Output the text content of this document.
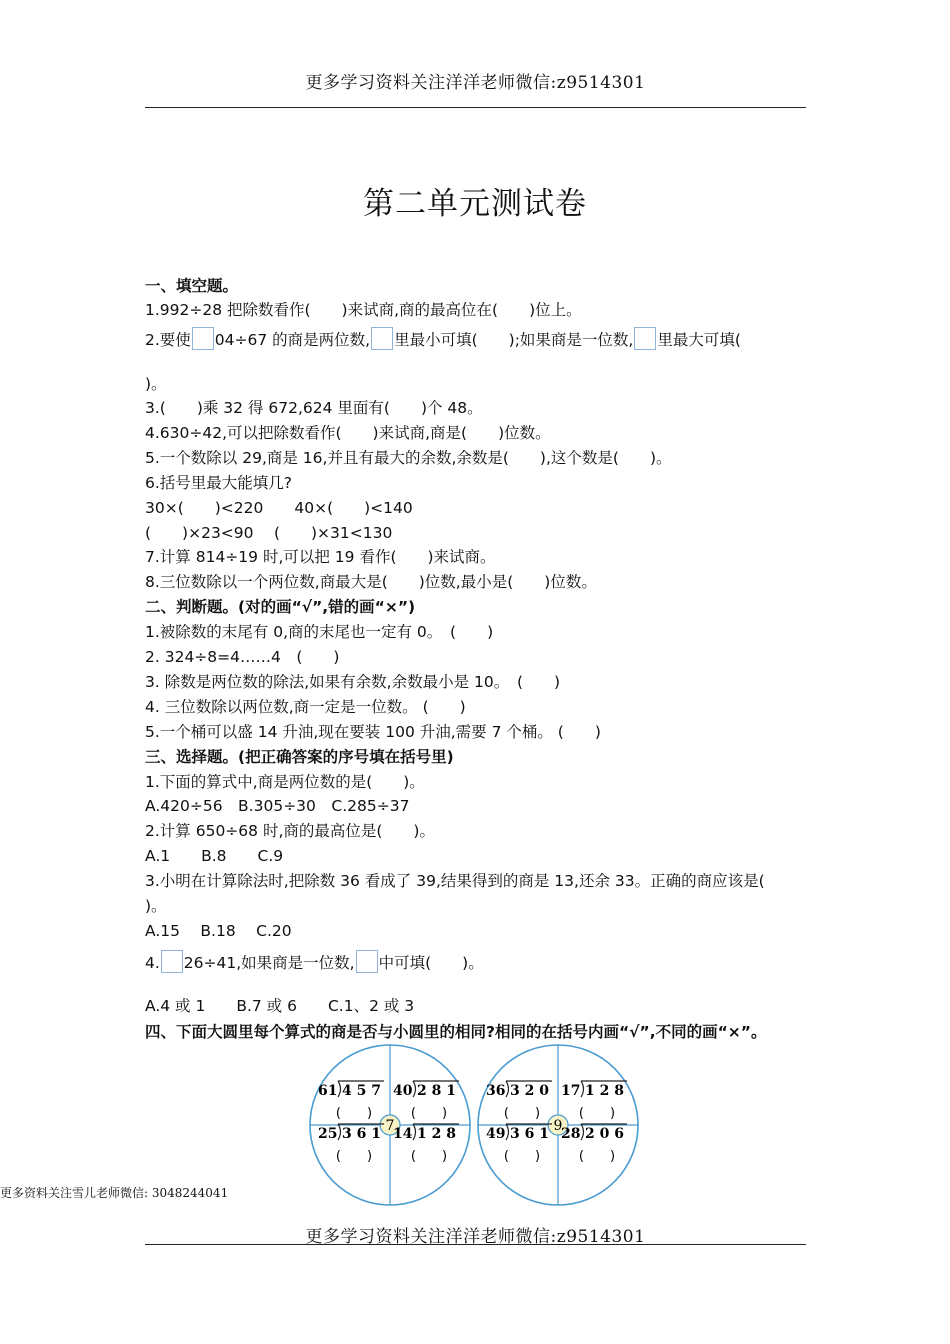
更多学习资料关注洋洋老师微信:z9514301
第二单元测试卷
一、填空题。
1.992÷28 把除数看作(　　)来试商,商的最高位在(　　)位上。
2.要使 04÷67 的商是两位数, 里最小可填(　　);如果商是一位数, 里最大可填(
)。
3.(　　)乘 32 得 672,624 里面有(　　)个 48。
4.630÷42,可以把除数看作(　　)来试商,商是(　　)位数。
5.一个数除以 29,商是 16,并且有最大的余数,余数是(　　),这个数是(　　)。
6.括号里最大能填几?
30×(　　)<220　　40×(　　)<140
(　　)×23<90　 (　　)×31<130
7.计算 814÷19 时,可以把 19 看作(　　)来试商。
8.三位数除以一个两位数,商最大是(　　)位数,最小是(　　)位数。
二、判断题。(对的画“√”,错的画“×”)
1.被除数的末尾有 0,商的末尾也一定有 0。　(　　)
2. 324÷8=4……4　(　　)
3. 除数是两位数的除法,如果有余数,余数最小是 10。　(　　)
4. 三位数除以两位数,商一定是一位数。 (　　)
5.一个桶可以盛 14 升油,现在要装 100 升油,需要 7 个桶。 (　　)
三、选择题。(把正确答案的序号填在括号里)
1.下面的算式中,商是两位数的是(　　)。
A.420÷56　B.305÷30　C.285÷37
2.计算 650÷68 时,商的最高位是(　　)。
A.1　　B.8　　C.9
3.小明在计算除法时,把除数 36 看成了 39,结果得到的商是 13,还余 33。正确的商应该是(
)。
A.15　 B.18　 C.20
4. 26÷41,如果商是一位数, 中可填(　　)。
A.4 或 1　　B.7 或 6　　C.1、2 或 3
四、下面大圆里每个算式的商是否与小圆里的相同?相同的在括号内画“√”,不同的画“×”。
7
61 4 5 7
(　　)
40 2 8 1
(　　)
25 3 6 1
(　　)
14 1 2 8
(　　)
9
36 3 2 0
(　　)
17 1 2 8
(　　)
49 3 6 1
(　　)
28 2 0 6
(　　)
更多资料关注雪儿老师微信: 3048244041
更多学习资料关注洋洋老师微信:z9514301
